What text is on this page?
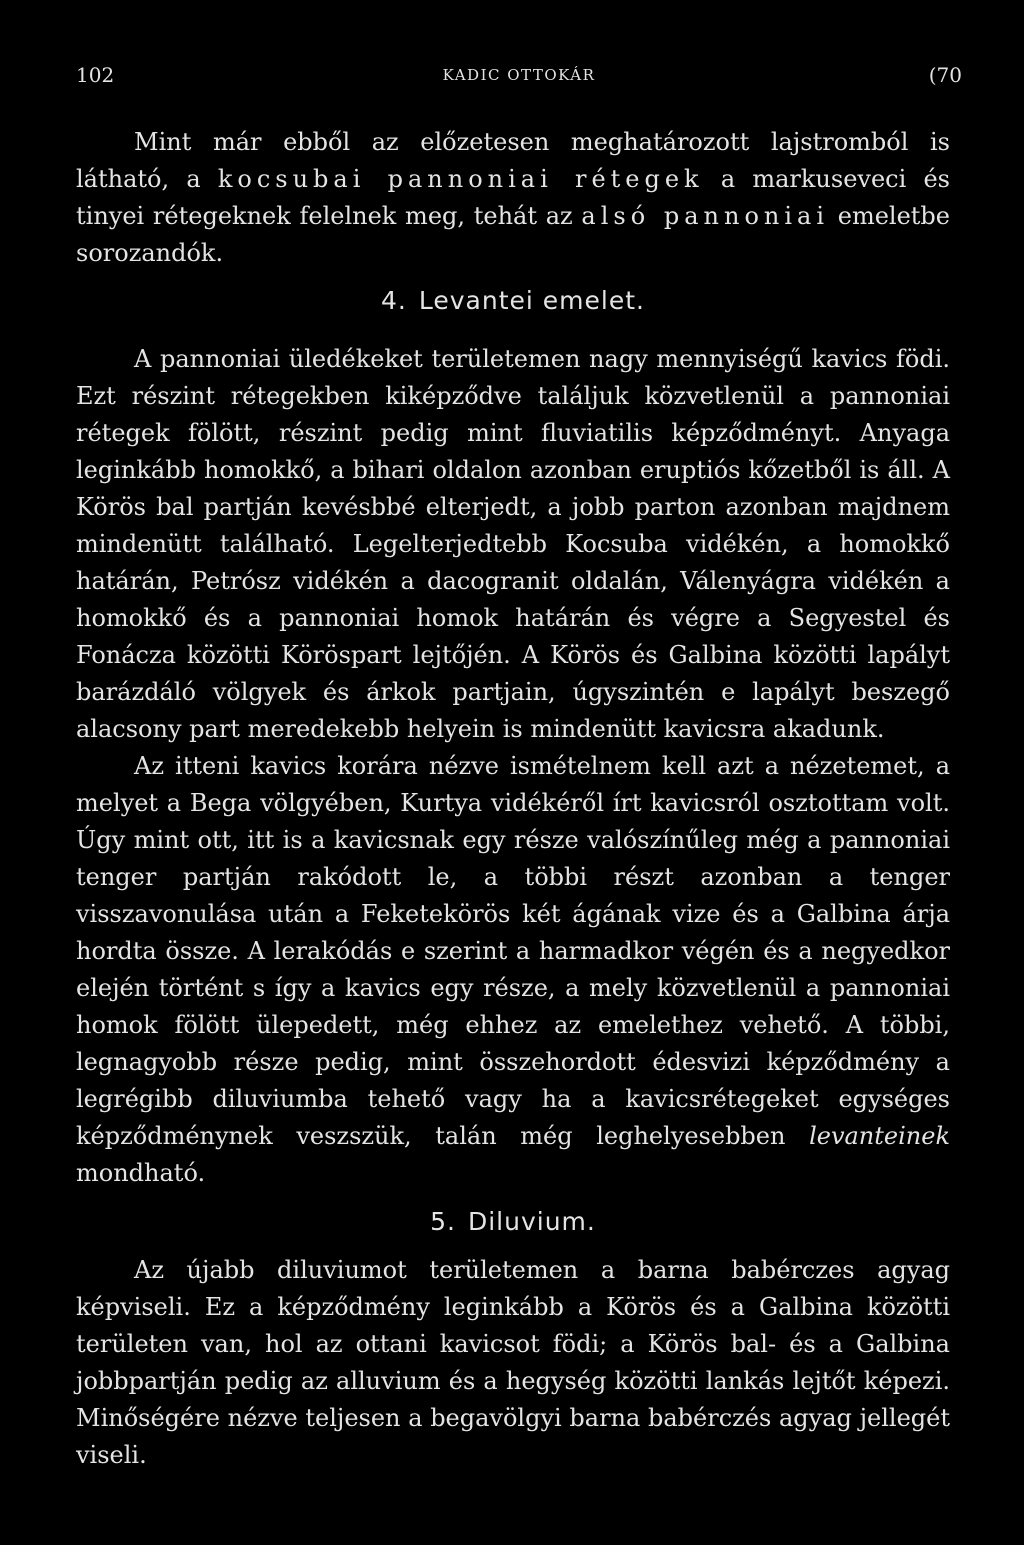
102	KADIC OTTOKÁR	(70

Mint már ebből az előzetesen meghatározott lajstromból is látható, a kocsubai pannoniai rétegek a markuseveci és tinyei rétegeknek felelnek meg, tehát az alsó pannoniai emeletbe sorozandók.

4. Levantei emelet.

A pannoniai üledékeket területemen nagy mennyiségű kavics födi. Ezt részint rétegekben kiképződve találjuk közvetlenül a pannoniai rétegek fölött, részint pedig mint fluviatilis képződményt. Anyaga leginkább homokkő, a bihari oldalon azonban eruptiós kőzetből is áll. A Körös bal partján kevésbbé elterjedt, a jobb parton azonban majdnem mindenütt található. Legelterjedtebb Kocsuba vidékén, a homokkő határán, Petrósz vidékén a dacogranit oldalán, Válenyágra vidékén a homokkő és a pannoniai homok határán és végre a Segyestel és Fonácza közötti Köröspart lejtőjén. A Körös és Galbina közötti lapályt barázdáló völgyek és árkok partjain, úgyszintén e lapályt beszegő alacsony part meredekebb helyein is mindenütt kavicsra akadunk.

Az itteni kavics korára nézve ismételnem kell azt a nézetemet, a melyet a Bega völgyében, Kurtya vidékéről írt kavicsról osztottam volt. Úgy mint ott, itt is a kavicsnak egy része valószínűleg még a pannoniai tenger partján rakódott le, a többi részt azonban a tenger visszavonulása után a Feketekörös két ágának vize és a Galbina árja hordta össze. A lerakódás e szerint a harmadkor végén és a negyedkor elején történt s így a kavics egy része, a mely közvetlenül a pannoniai homok fölött ülepedett, még ehhez az emelethez vehető. A többi, legnagyobb része pedig, mint összehordott édesvizi képződmény a legrégibb diluviumba tehető vagy ha a kavicsrétegeket egységes képződménynek veszszük, talán még leghelyesebben levanteinek mondható.

5. Diluvium.

Az újabb diluviumot területemen a barna babérczes agyag képviseli. Ez a képződmény leginkább a Körös és a Galbina közötti területen van, hol az ottani kavicsot födi; a Körös bal- és a Galbina jobbpartján pedig az alluvium és a hegység közötti lankás lejtőt képezi. Minőségére nézve teljesen a begavölgyi barna babérczés agyag jellegét viseli.
